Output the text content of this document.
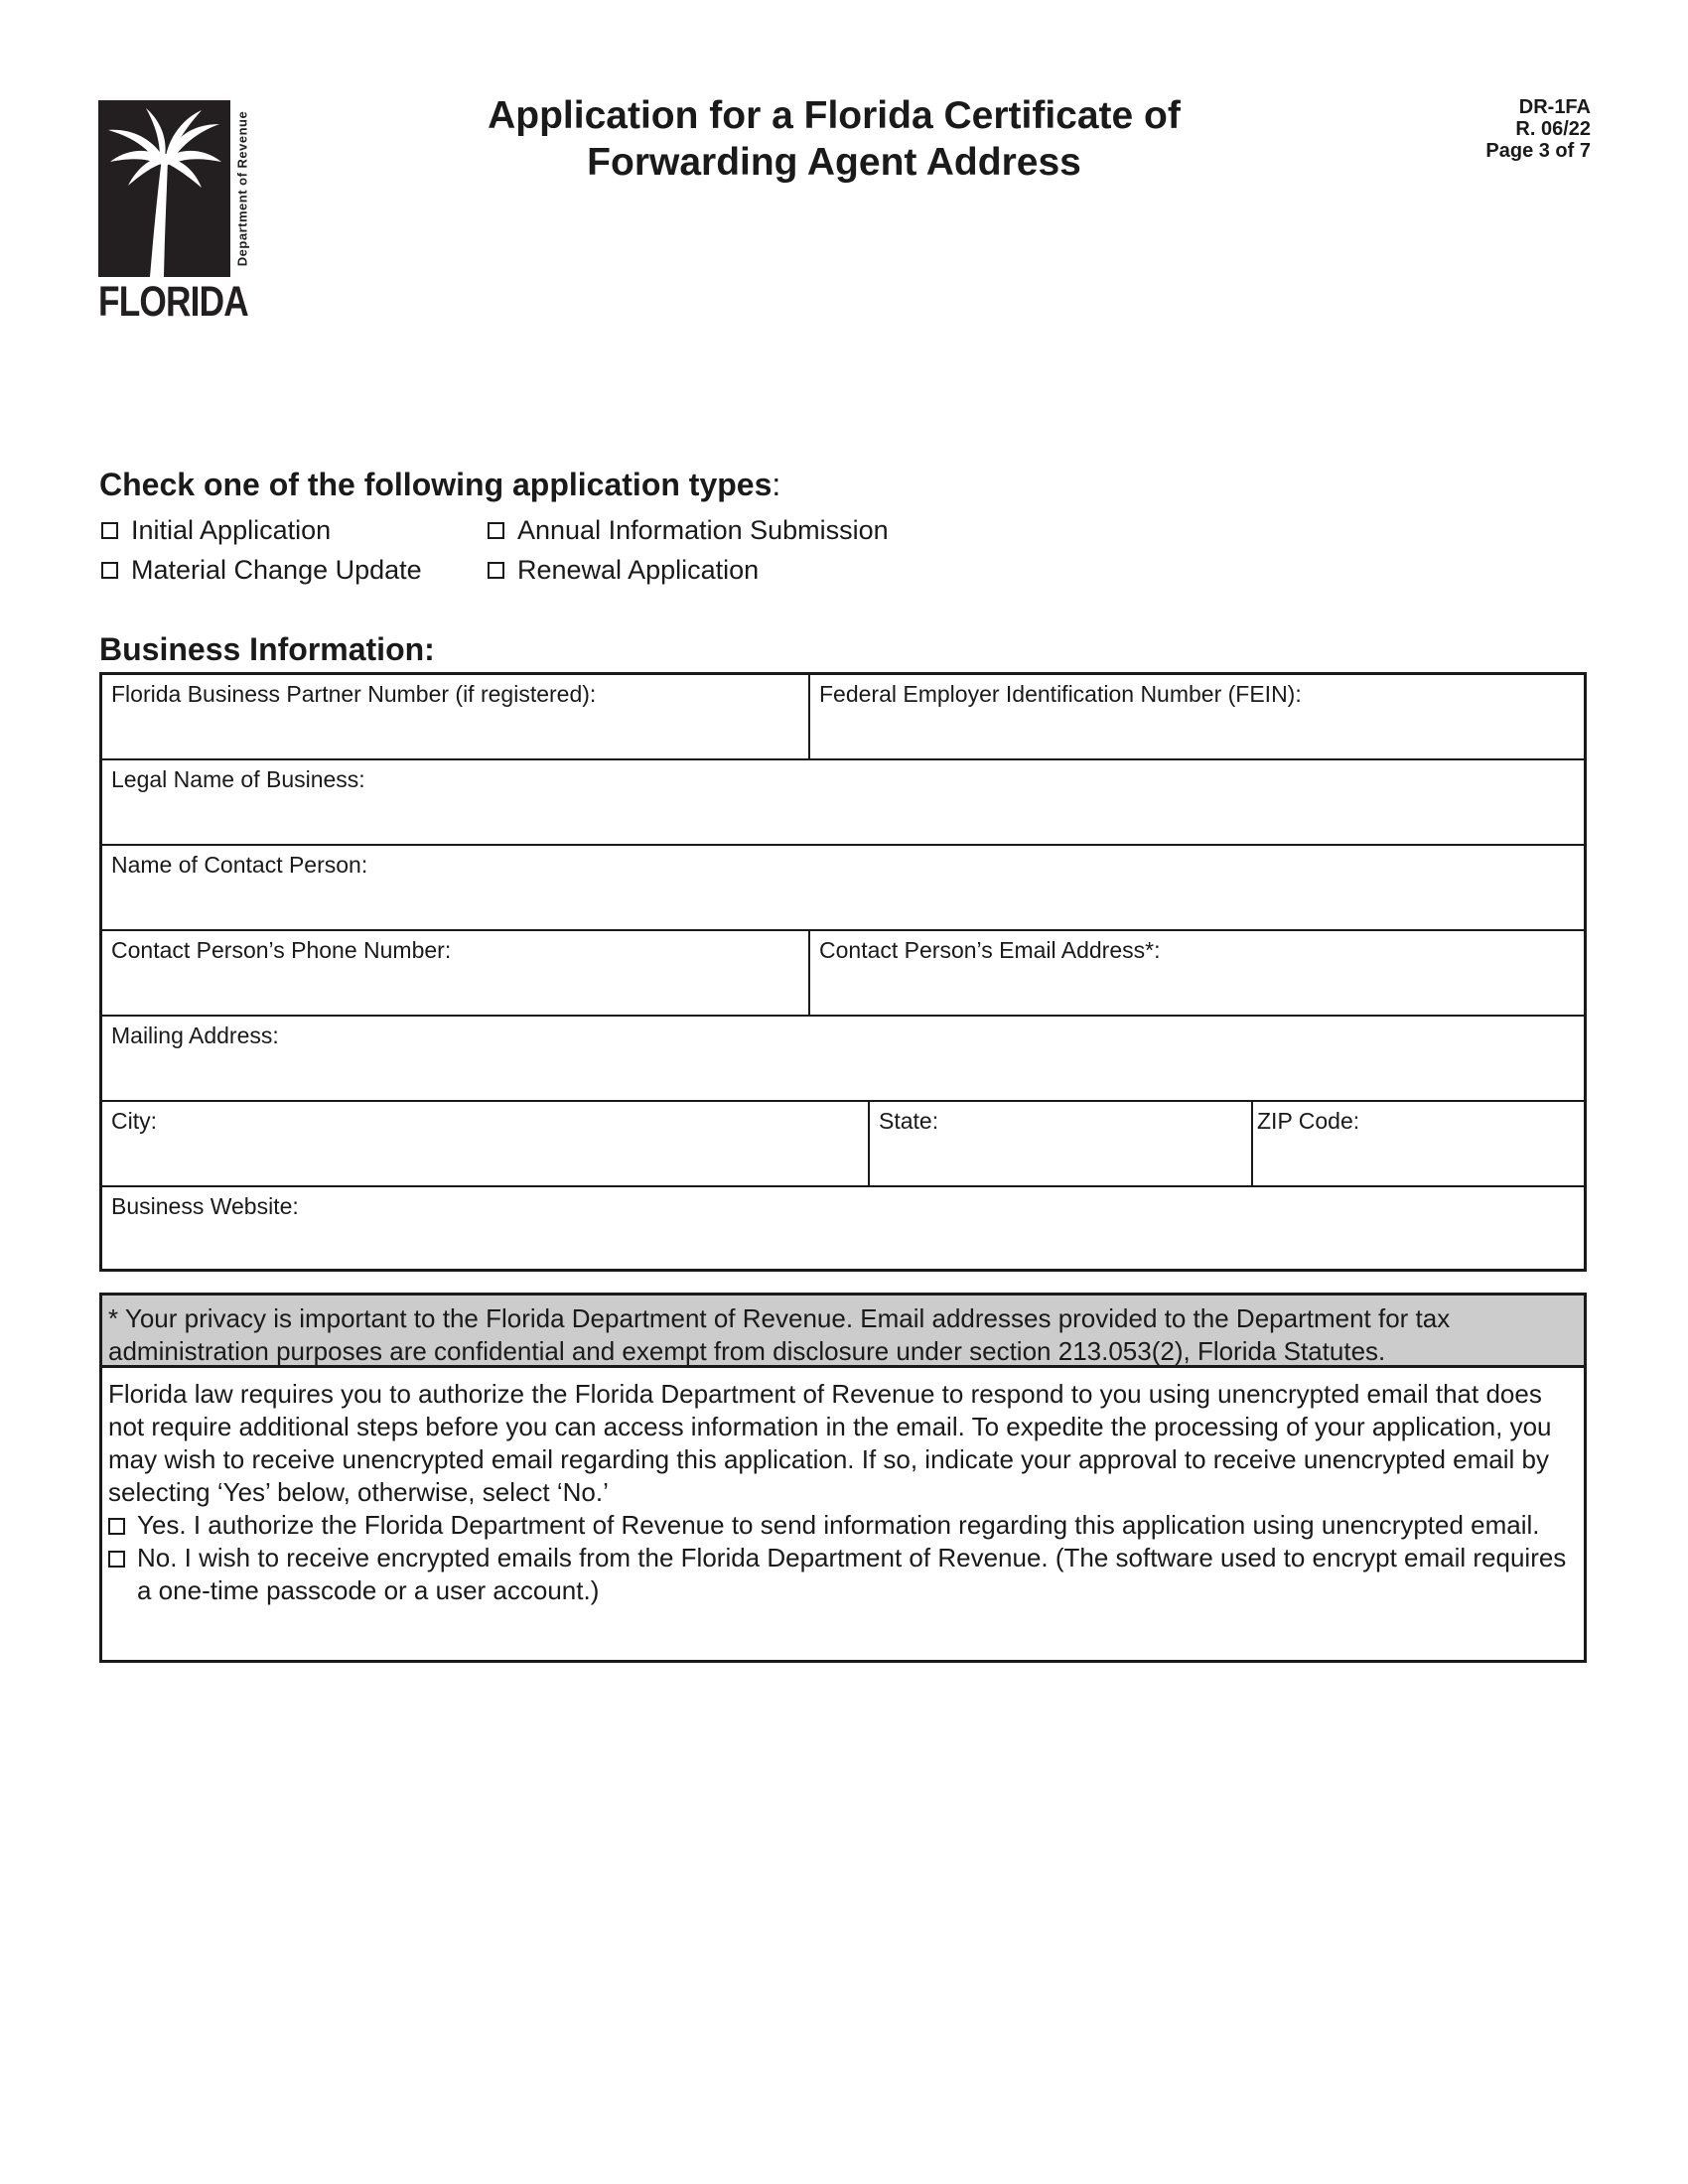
Department of Revenue
FLORIDA
Application for a Florida Certificate of
Forwarding Agent Address
DR-1FA
R. 06/22
Page 3 of 7
Check one of the following application types:
Initial Application	Annual Information Submission
Material Change Update	Renewal Application
Business Information:
Florida Business Partner Number (if registered):	Federal Employer Identification Number (FEIN):
Legal Name of Business:
Name of Contact Person:
Contact Person’s Phone Number:	Contact Person’s Email Address*:
Mailing Address:
City:	State:	ZIP Code:
Business Website:
* Your privacy is important to the Florida Department of Revenue. Email addresses provided to the Department for tax administration purposes are confidential and exempt from disclosure under section 213.053(2), Florida Statutes.
Florida law requires you to authorize the Florida Department of Revenue to respond to you using unencrypted email that does not require additional steps before you can access information in the email. To expedite the processing of your application, you may wish to receive unencrypted email regarding this application. If so, indicate your approval to receive unencrypted email by selecting ‘Yes’ below, otherwise, select ‘No.’
Yes. I authorize the Florida Department of Revenue to send information regarding this application using unencrypted email.
No. I wish to receive encrypted emails from the Florida Department of Revenue. (The software used to encrypt email requires a one-time passcode or a user account.)
